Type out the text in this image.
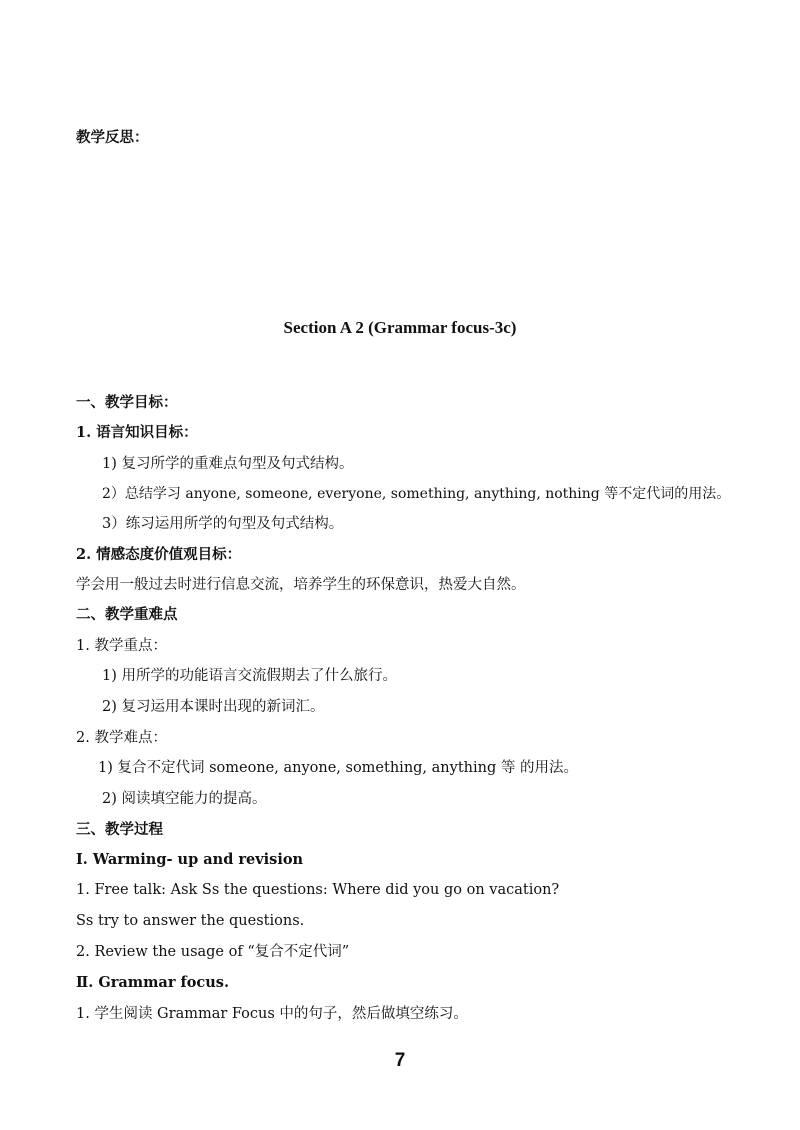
教学反思：
Section A 2 (Grammar focus-3c)
一、教学目标：
1. 语言知识目标：
1) 复习所学的重难点句型及句式结构。
2）总结学习 anyone, someone, everyone, something, anything, nothing 等不定代词的用法。
3）练习运用所学的句型及句式结构。
2. 情感态度价值观目标：
学会用一般过去时进行信息交流，培养学生的环保意识，热爱大自然。
二、教学重难点
1. 教学重点：
1) 用所学的功能语言交流假期去了什么旅行。
2) 复习运用本课时出现的新词汇。
2. 教学难点：
1) 复合不定代词 someone, anyone, something, anything 等 的用法。
2) 阅读填空能力的提高。
三、教学过程
Ⅰ. Warming- up and revision
1. Free talk: Ask Ss the questions: Where did you go on vacation?
Ss try to answer the questions.
2. Review the usage of “复合不定代词”
Ⅱ. Grammar focus.
1. 学生阅读 Grammar Focus 中的句子，然后做填空练习。
7
